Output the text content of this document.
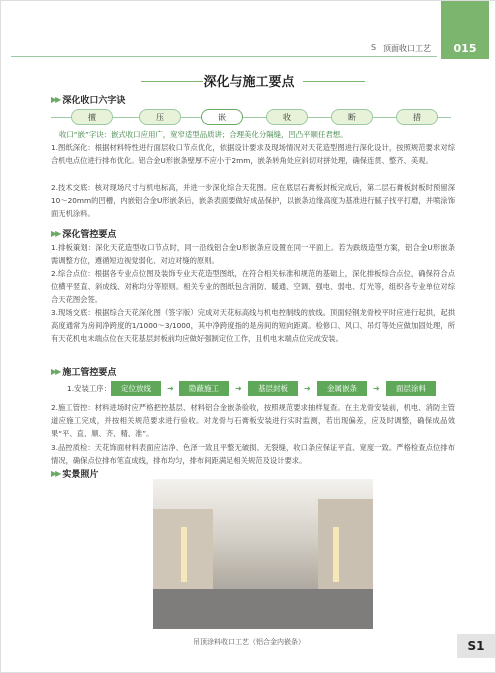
S 顶面收口工艺	015
深化与施工要点
▶▶ 深化收口六字诀
擅	压	嵌	收	断	措
收口“嵌”字诀：嵌式收口应用广，宽窄适型品质讲；合理美化分隔缝，凹凸平顺任君想。
1.图纸深化：根据材料特性进行面层收口节点优化，依据设计要求及现场情况对天花造型图进行深化设计，按照规范要求对综合机电点位进行排布优化。铝合金U形嵌条壁厚不应小于2mm，嵌条转角处应斜切对拼处理，确保连贯、整齐、美观。
2.技术交底：核对现场尺寸与机电标高，并进一步深化综合天花图。应在底层石膏板封板完成后，第二层石膏板封板时预留深10～20mm的凹槽，内嵌铝合金U形嵌条后，嵌条表面要做好成品保护，以嵌条边缘高度为基准进行腻子找平打磨，并喷涂饰面无机涂料。
▶▶ 深化管控要点
1.排板策划：深化天花造型收口节点时，同一沿线铝合金U形嵌条应设置在同一平面上。若为跌级造型方案，铝合金U形嵌条需调整方位，遵循短边视觉弱化、对边对缝的原则。
2.综合点位：根据各专业点位图及装饰专业天花造型图纸，在符合相关标准和规范的基础上，深化排板综合点位，确保符合点位横平竖直、斜成线、对称均分等原则。相关专业的图纸包含消防、暖通、空调、强电、弱电、灯光等，组织各专业单位对综合天花图会签。
3.现场交底：根据综合天花深化图（签字版）完成对天花标高线与机电控制线的放线。顶面轻钢龙骨校平时应进行起拱，起拱高度通常为房间净跨度的1/1000～3/1000，其中净跨度指的是房间的短向距离。检修口、风口、吊灯等处应做加固处理，所有天花机电末端点位在天花基层封板前均应做好强制定位工作，且机电末端点位完成安装。
▶▶ 施工管控要点
1.安装工序：	定位放线	➜	隐蔽施工	➜	基层封板	➜	金属嵌条	➜	面层涂料
2.施工管控：材料进场时应严格把控基层、材料铝合金嵌条验收，按照规范要求抽样复查。在主龙骨安装前，机电、消防主管道应施工完成，并按相关规范要求进行验收。对龙骨与石膏板安装进行实时监测，若出现偏差，应及时调整，确保成品效果“平、直、顺、齐、精、准”。
3.品控质检：天花饰面材料表面应洁净、色泽一致且平整无破损、无裂缝，收口条应保证平直、宽度一致。严格检查点位排布情况，确保点位排布笔直成线，排布均匀，排布间距满足相关规范及设计要求。
▶▶ 实景照片
吊顶涂料收口工艺（铝合金内嵌条）	S1
